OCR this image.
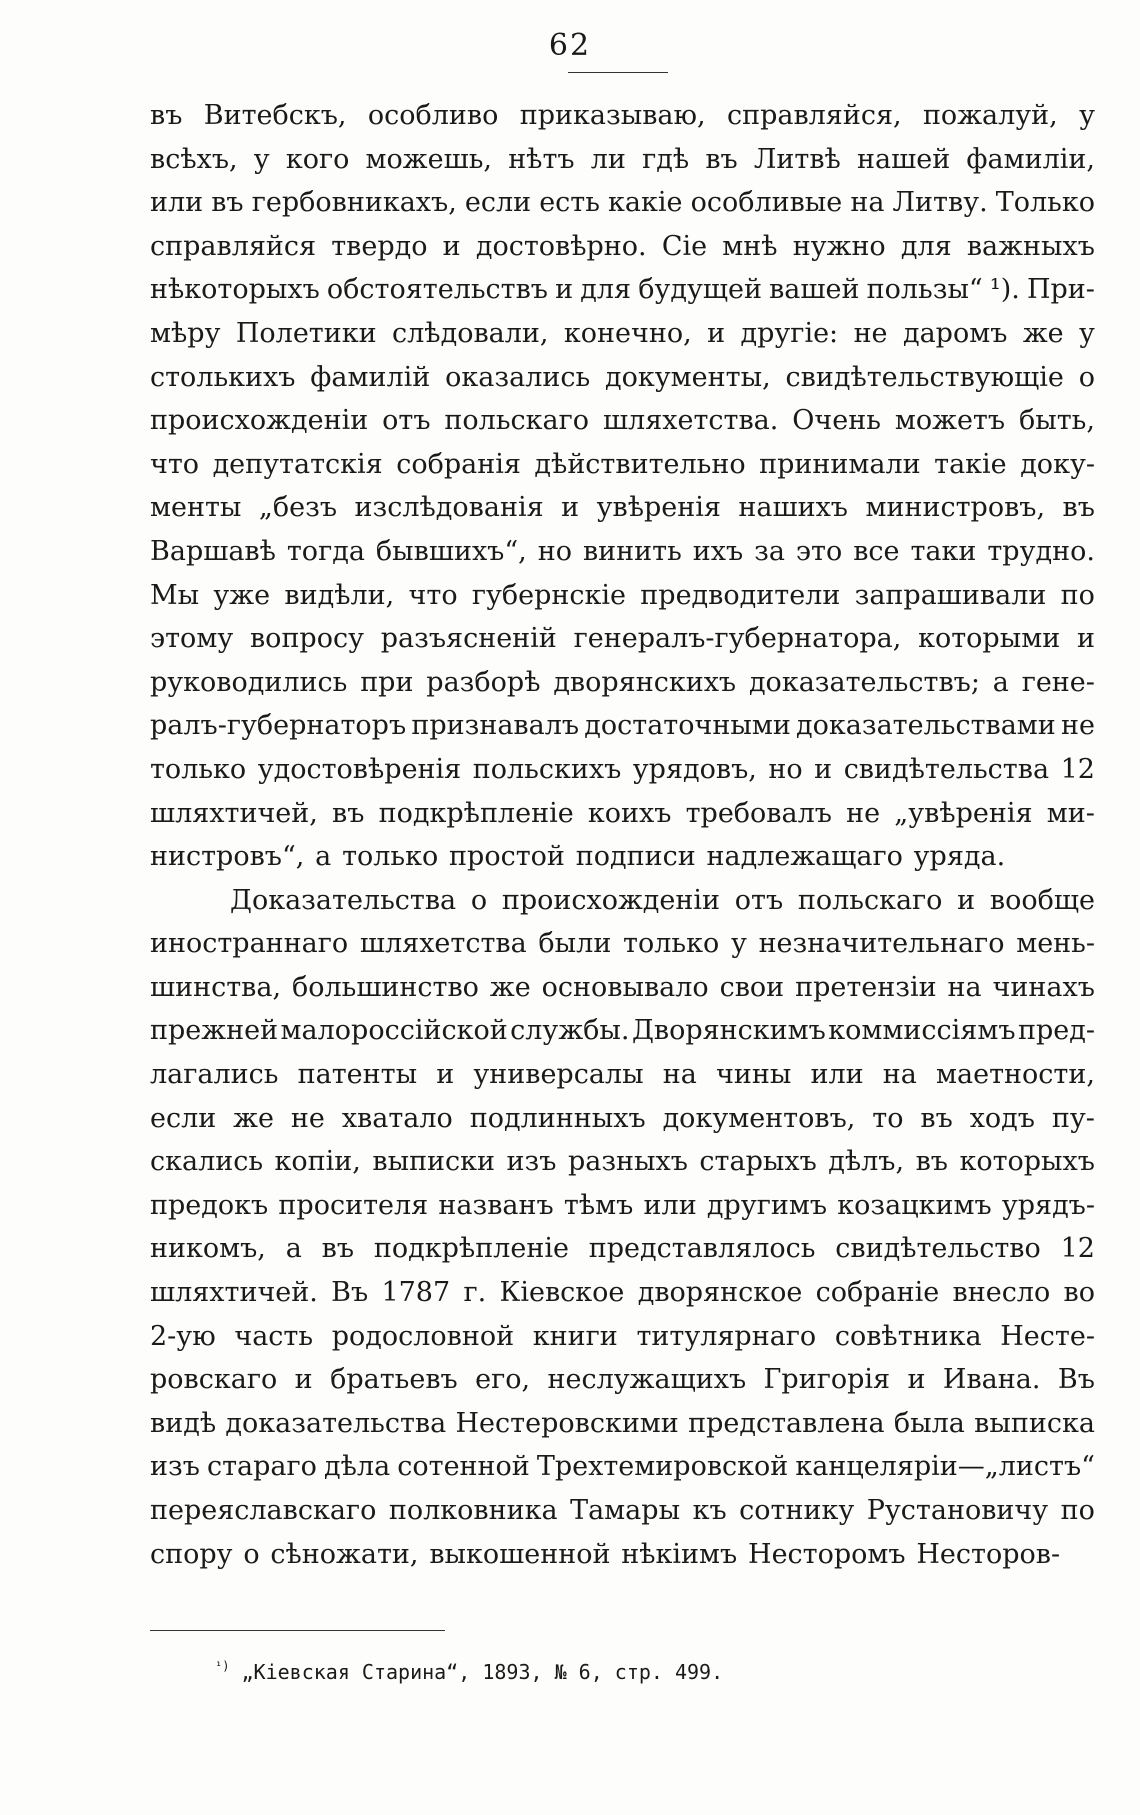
62
въ Витебскъ, особливо приказываю, справляйся, пожалуй, у
всѣхъ, у кого можешь, нѣтъ ли гдѣ въ Литвѣ нашей фамиліи,
или въ гербовникахъ, если есть какіе особливые на Литву. Только
справляйся твердо и достовѣрно. Сіе мнѣ нужно для важныхъ
нѣкоторыхъ обстоятельствъ и для будущей вашей пользы“ ¹). При-
мѣру Полетики слѣдовали, конечно, и другіе: не даромъ же у
столькихъ фамилій оказались документы, свидѣтельствующіе о
происхожденіи отъ польскаго шляхетства. Очень можетъ быть,
что депутатскія собранія дѣйствительно принимали такіе доку-
менты „безъ изслѣдованія и увѣренія нашихъ министровъ, въ
Варшавѣ тогда бывшихъ“, но винить ихъ за это все таки трудно.
Мы уже видѣли, что губернскіе предводители запрашивали по
этому вопросу разъясненій генералъ-губернатора, которыми и
руководились при разборѣ дворянскихъ доказательствъ; а гене-
ралъ-губернаторъ признавалъ достаточными доказательствами не
только удостовѣренія польскихъ урядовъ, но и свидѣтельства 12
шляхтичей, въ подкрѣпленіе коихъ требовалъ не „увѣренія ми-
нистровъ“, а только простой подписи надлежащаго уряда.
Доказательства о происхожденіи отъ польскаго и вообще
иностраннаго шляхетства были только у незначительнаго мень-
шинства, большинство же основывало свои претензіи на чинахъ
прежней малороссійской службы. Дворянскимъ коммиссіямъ пред-
лагались патенты и универсалы на чины или на маетности,
если же не хватало подлинныхъ документовъ, то въ ходъ пу-
скались копіи, выписки изъ разныхъ старыхъ дѣлъ, въ которыхъ
предокъ просителя названъ тѣмъ или другимъ козацкимъ урядъ-
никомъ, а въ подкрѣпленіе представлялось свидѣтельство 12
шляхтичей. Въ 1787 г. Кіевское дворянское собраніе внесло во
2-ую часть родословной книги титулярнаго совѣтника Несте-
ровскаго и братьевъ его, неслужащихъ Григорія и Ивана. Въ
видѣ доказательства Нестеровскими представлена была выписка
изъ стараго дѣла сотенной Трехтемировской канцеляріи—„листъ“
переяславскаго полковника Тамары къ сотнику Рустановичу по
спору о сѣножати, выкошенной нѣкіимъ Несторомъ Несторов-
$^{^1)}$ „Кіевская Старина“, 1893, № 6, стр. 499.
